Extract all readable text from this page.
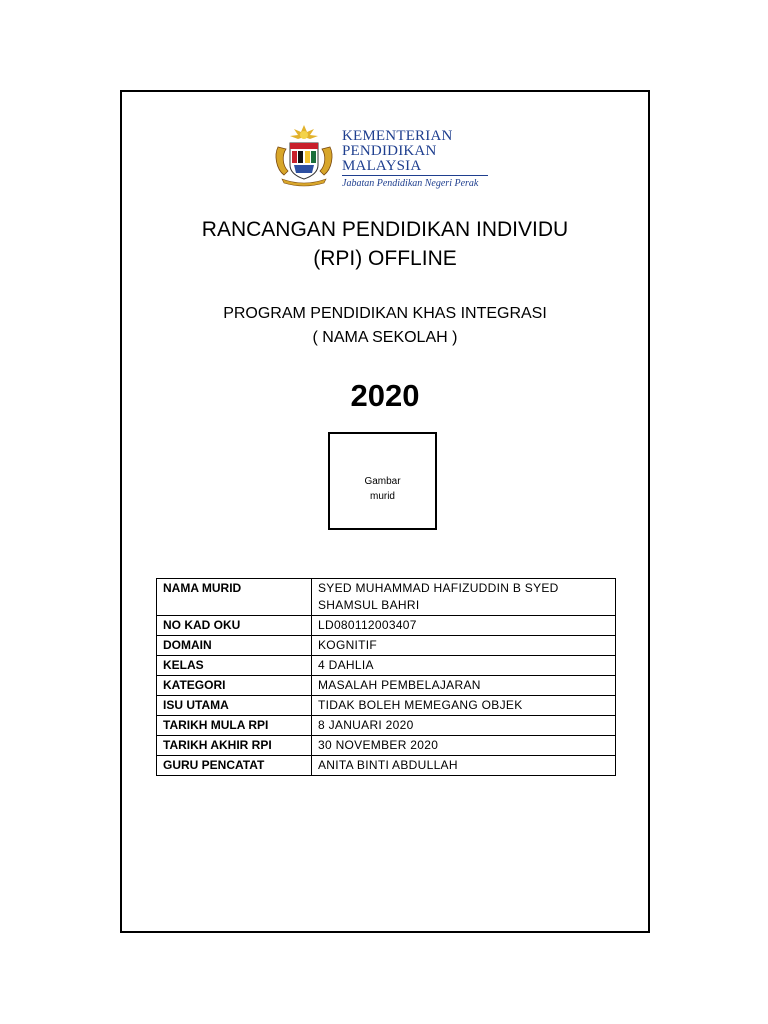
KEMENTERIAN
PENDIDIKAN
MALAYSIA
Jabatan Pendidikan Negeri Perak
RANCANGAN PENDIDIKAN INDIVIDU
(RPI) OFFLINE
PROGRAM PENDIDIKAN KHAS INTEGRASI
( NAMA SEKOLAH )
2020
Gambar
murid
NAMA MURID	SYED MUHAMMAD HAFIZUDDIN B SYED SHAMSUL BAHRI
NO KAD OKU	LD080112003407
DOMAIN	KOGNITIF
KELAS	4 DAHLIA
KATEGORI	MASALAH PEMBELAJARAN
ISU UTAMA	TIDAK BOLEH MEMEGANG OBJEK
TARIKH MULA RPI	8 JANUARI 2020
TARIKH AKHIR RPI	30 NOVEMBER 2020
GURU PENCATAT	ANITA BINTI ABDULLAH
